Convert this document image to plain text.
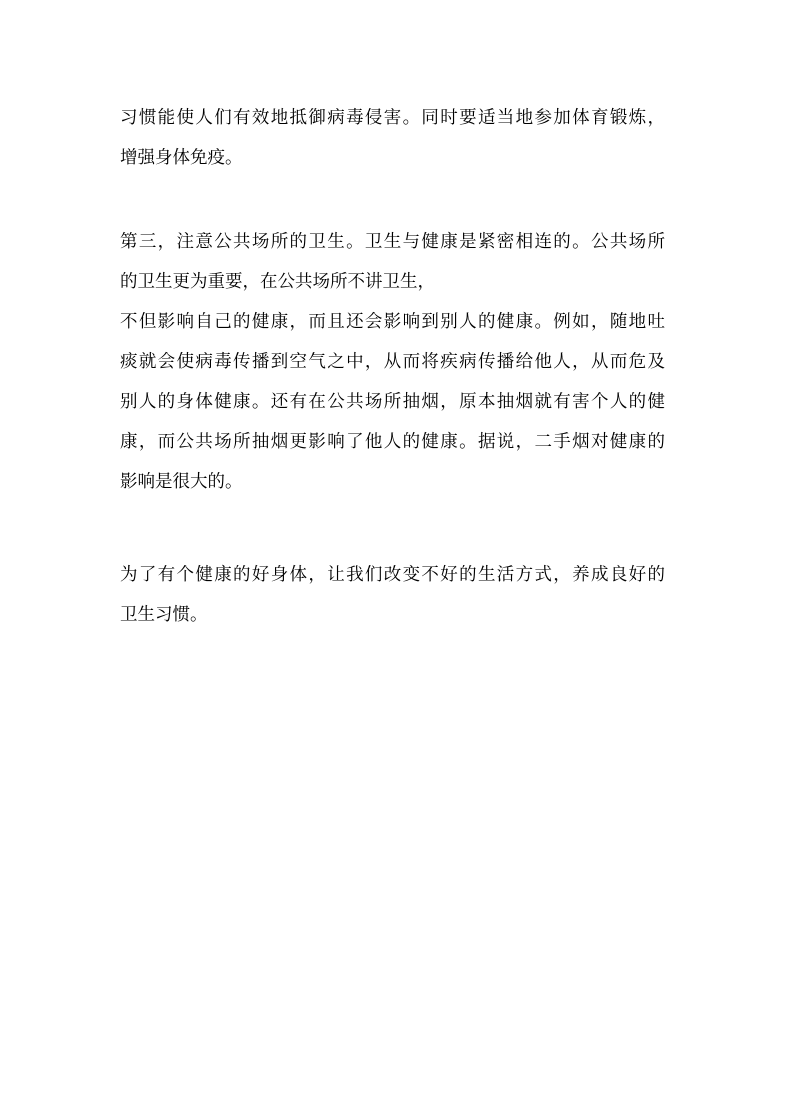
习惯能使人们有效地抵御病毒侵害。同时要适当地参加体育锻炼，
增强身体免疫。
第三，注意公共场所的卫生。卫生与健康是紧密相连的。公共场所
的卫生更为重要，在公共场所不讲卫生，
不但影响自己的健康，而且还会影响到别人的健康。例如，随地吐
痰就会使病毒传播到空气之中，从而将疾病传播给他人，从而危及
别人的身体健康。还有在公共场所抽烟，原本抽烟就有害个人的健
康，而公共场所抽烟更影响了他人的健康。据说，二手烟对健康的
影响是很大的。
为了有个健康的好身体，让我们改变不好的生活方式，养成良好的
卫生习惯。
